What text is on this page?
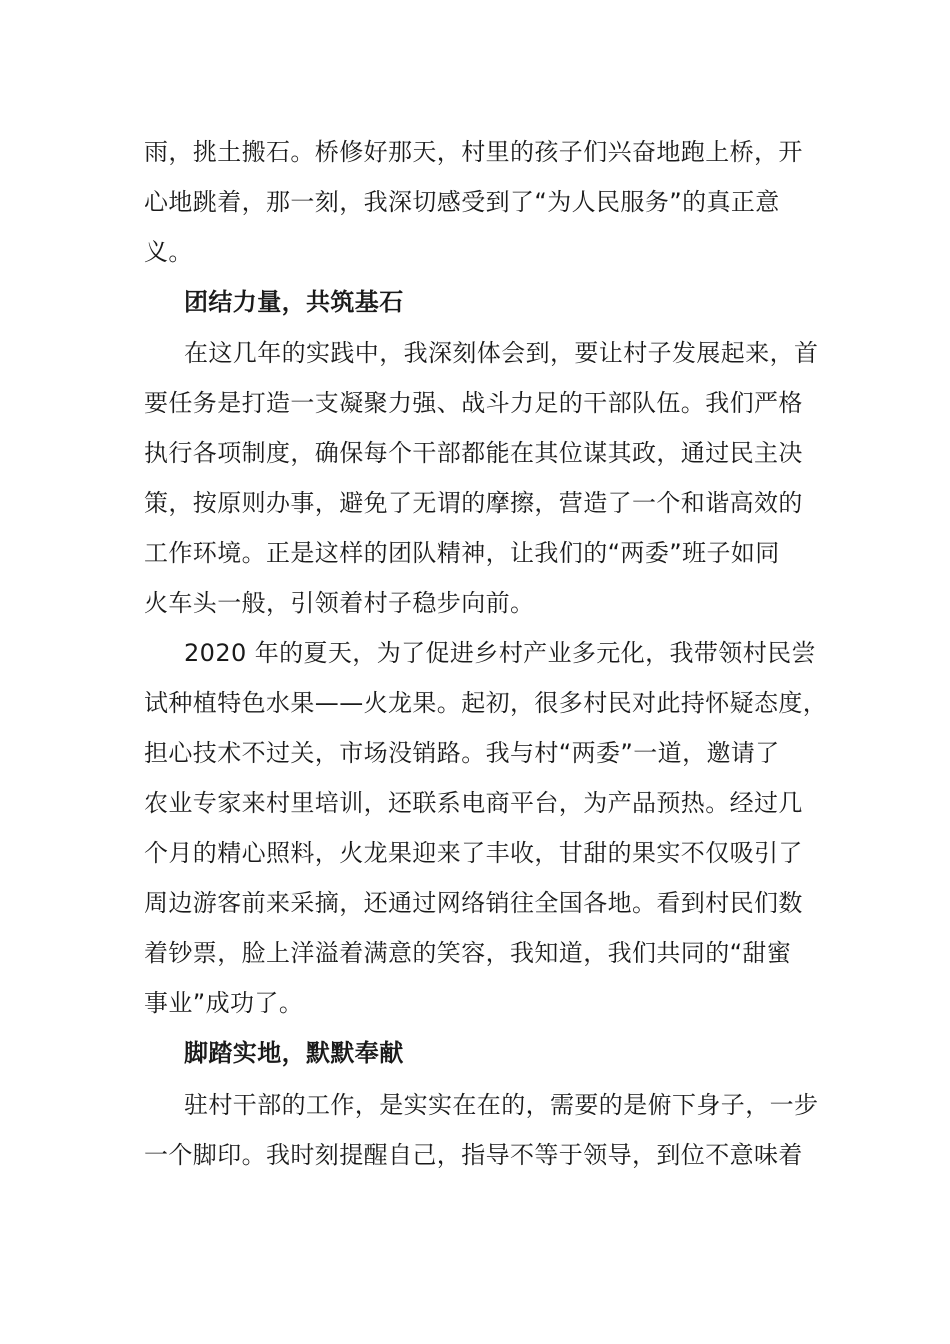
雨，挑土搬石。桥修好那天，村里的孩子们兴奋地跑上桥，开
心地跳着，那一刻，我深切感受到了“为人民服务”的真正意
义。
团结力量，共筑基石
在这几年的实践中，我深刻体会到，要让村子发展起来，首
要任务是打造一支凝聚力强、战斗力足的干部队伍。我们严格
执行各项制度，确保每个干部都能在其位谋其政，通过民主决
策，按原则办事，避免了无谓的摩擦，营造了一个和谐高效的
工作环境。正是这样的团队精神，让我们的“两委”班子如同
火车头一般，引领着村子稳步向前。
2020 年的夏天，为了促进乡村产业多元化，我带领村民尝
试种植特色水果——火龙果。起初，很多村民对此持怀疑态度，
担心技术不过关，市场没销路。我与村“两委”一道，邀请了
农业专家来村里培训，还联系电商平台，为产品预热。经过几
个月的精心照料，火龙果迎来了丰收，甘甜的果实不仅吸引了
周边游客前来采摘，还通过网络销往全国各地。看到村民们数
着钞票，脸上洋溢着满意的笑容，我知道，我们共同的“甜蜜
事业”成功了。
脚踏实地，默默奉献
驻村干部的工作，是实实在在的，需要的是俯下身子，一步
一个脚印。我时刻提醒自己，指导不等于领导，到位不意味着
